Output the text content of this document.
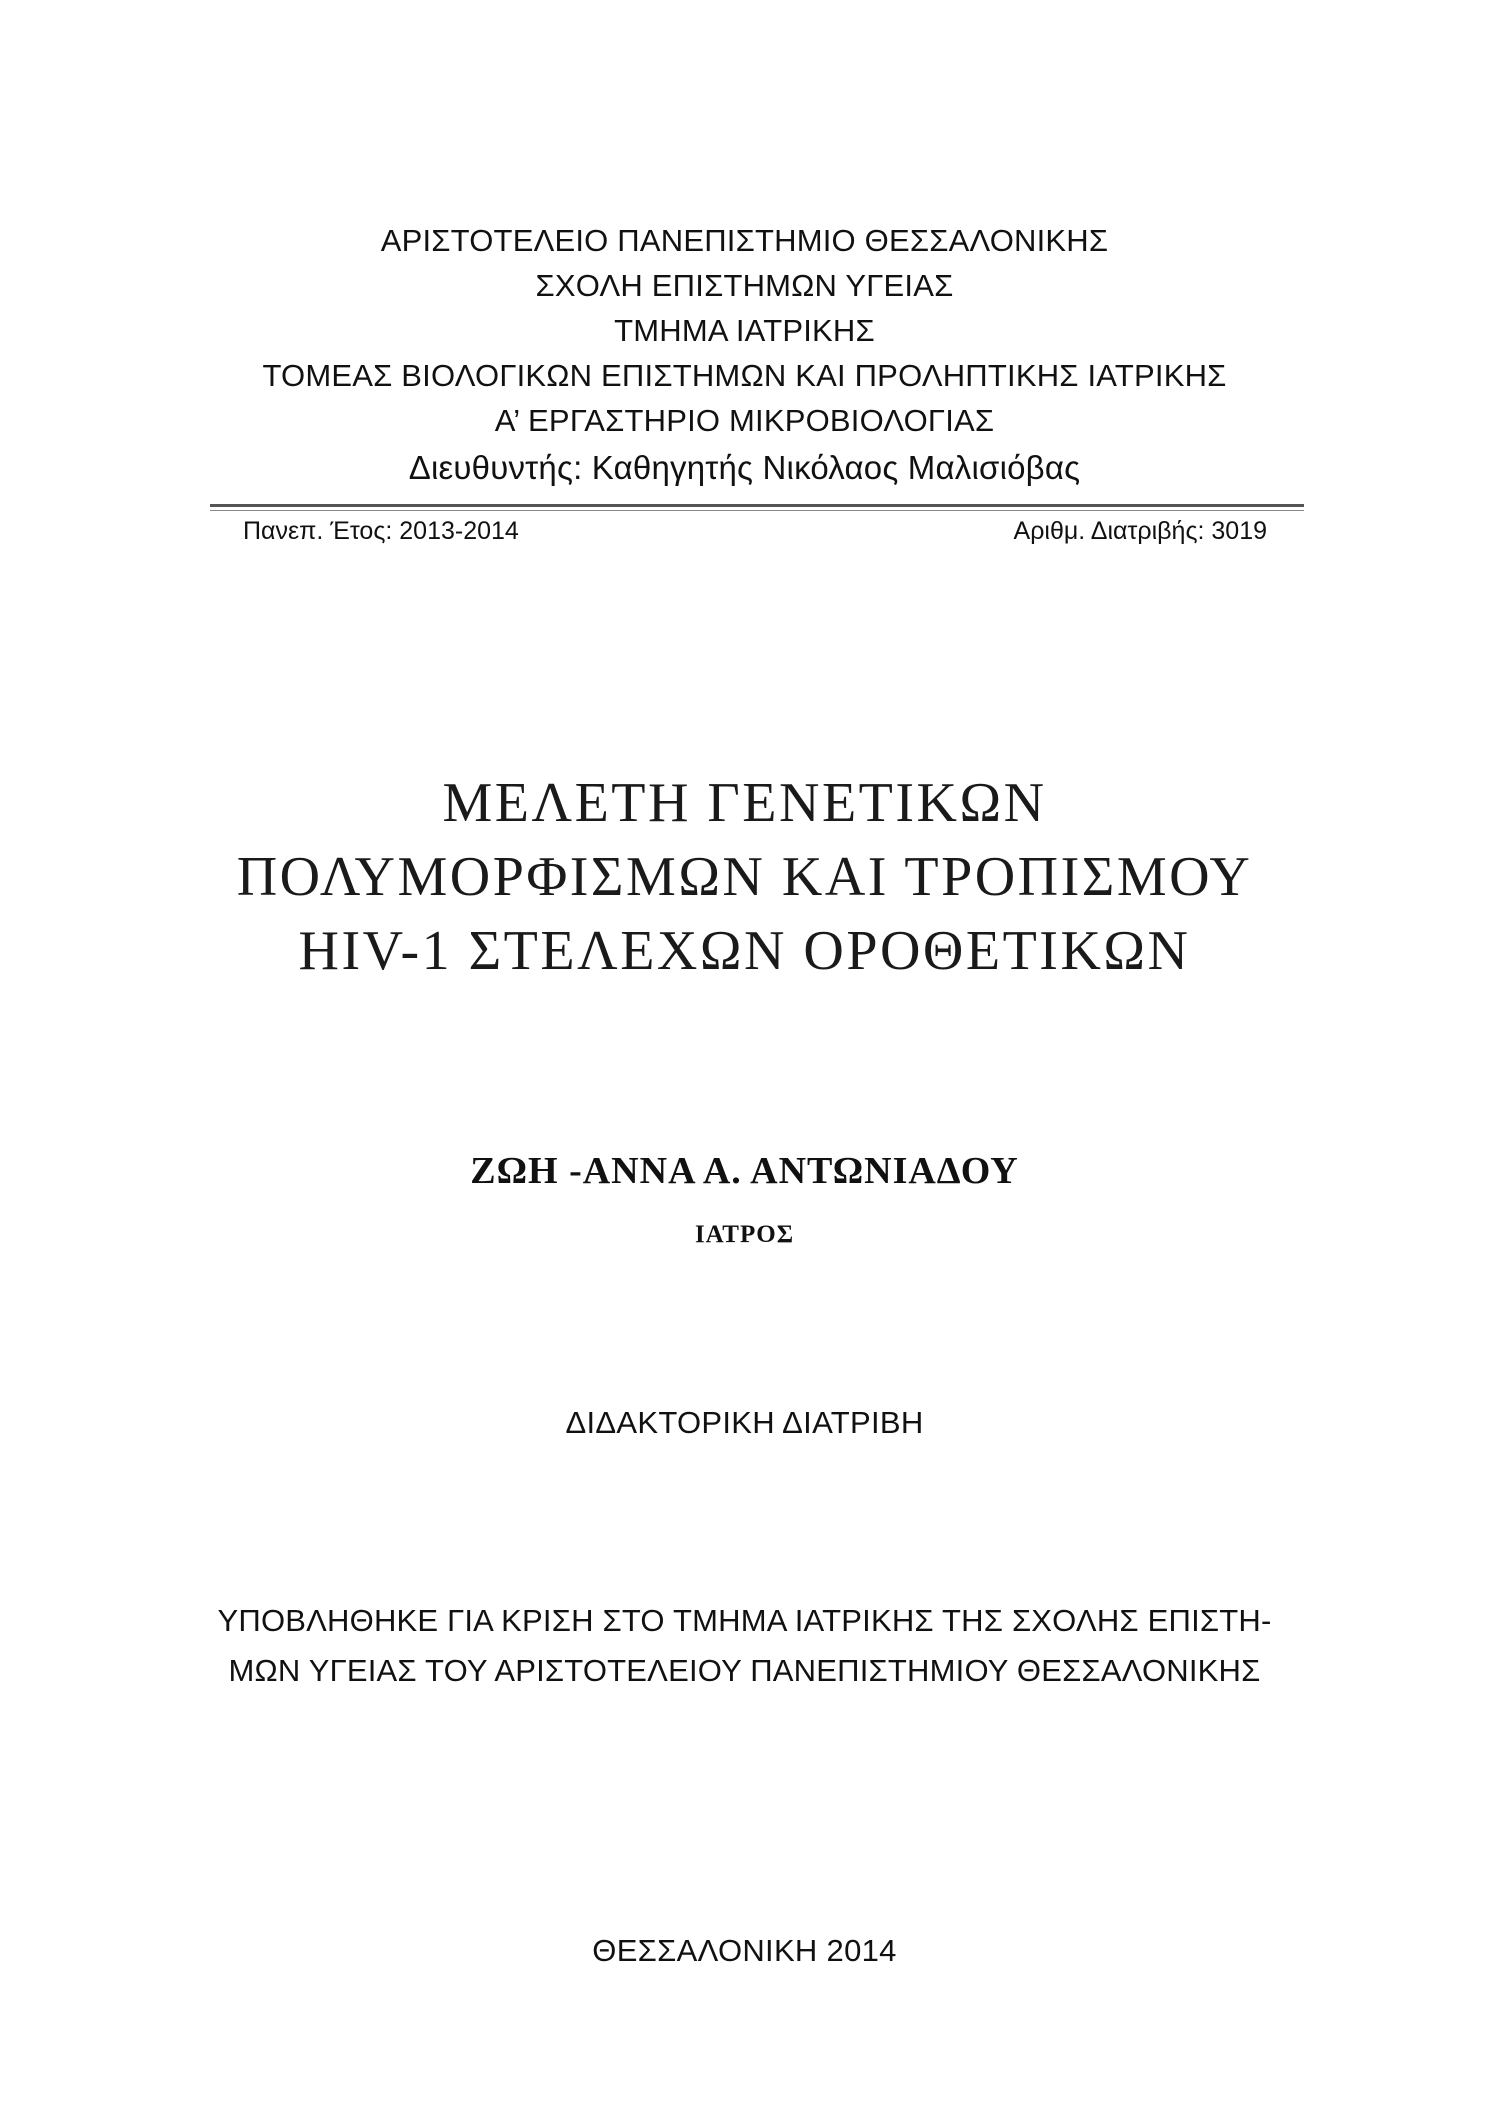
ΑΡΙΣΤΟΤΕΛΕΙΟ ΠΑΝΕΠΙΣΤΗΜΙΟ ΘΕΣΣΑΛΟΝΙΚΗΣ
ΣΧΟΛΗ ΕΠΙΣΤΗΜΩΝ ΥΓΕΙΑΣ
ΤΜΗΜΑ ΙΑΤΡΙΚΗΣ
ΤΟΜΕΑΣ ΒΙΟΛΟΓΙΚΩΝ ΕΠΙΣΤΗΜΩΝ ΚΑΙ ΠΡΟΛΗΠΤΙΚΗΣ ΙΑΤΡΙΚΗΣ
Α’ ΕΡΓΑΣΤΗΡΙΟ ΜΙΚΡΟΒΙΟΛΟΓΙΑΣ
Διευθυντής: Καθηγητής Νικόλαος Μαλισιόβας
Πανεπ. Έτος: 2013-2014	Αριθμ. Διατριβής: 3019
ΜΕΛΕΤΗ ΓΕΝΕΤΙΚΩΝ
ΠΟΛΥΜΟΡΦΙΣΜΩΝ ΚΑΙ ΤΡΟΠΙΣΜΟΥ
HIV-1 ΣΤΕΛΕΧΩΝ ΟΡΟΘΕΤΙΚΩΝ
ΖΩΗ -ΑΝΝΑ Α. ΑΝΤΩΝΙΑΔΟΥ
ΙΑΤΡΟΣ
ΔΙΔΑΚΤΟΡΙΚΗ ΔΙΑΤΡΙΒΗ
ΥΠΟΒΛΗΘΗΚΕ ΓΙΑ ΚΡΙΣΗ ΣΤΟ ΤΜΗΜΑ ΙΑΤΡΙΚΗΣ ΤΗΣ ΣΧΟΛΗΣ ΕΠΙΣΤΗ-
ΜΩΝ ΥΓΕΙΑΣ ΤΟΥ ΑΡΙΣΤΟΤΕΛΕΙΟΥ ΠΑΝΕΠΙΣΤΗΜΙΟΥ ΘΕΣΣΑΛΟΝΙΚΗΣ
ΘΕΣΣΑΛΟΝΙΚΗ 2014
